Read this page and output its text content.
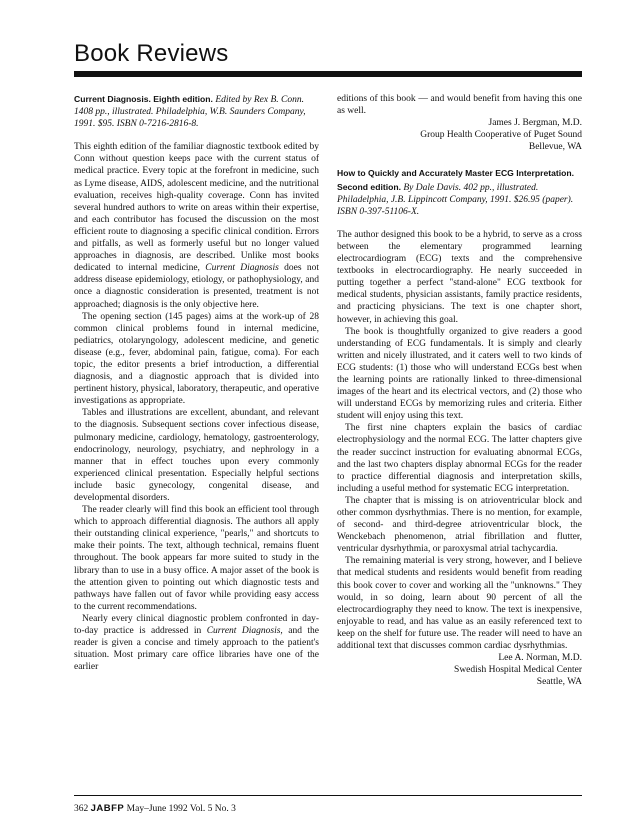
Book Reviews
Current Diagnosis. Eighth edition. Edited by Rex B. Conn. 1408 pp., illustrated. Philadelphia, W.B. Saunders Company, 1991. $95. ISBN 0-7216-2816-8.

This eighth edition of the familiar diagnostic textbook edited by Conn without question keeps pace with the current status of medical practice. Every topic at the forefront in medicine, such as Lyme disease, AIDS, adolescent medicine, and the nutritional evaluation, receives high-quality coverage. Conn has invited several hundred authors to write on areas within their expertise, and each contributor has focused the discussion on the most efficient route to diagnosing a specific clinical condition. Errors and pitfalls, as well as formerly useful but no longer valued approaches in diagnosis, are described. Unlike most books dedicated to internal medicine, Current Diagnosis does not address disease epidemiology, etiology, or pathophysiology, and once a diagnostic consideration is presented, treatment is not approached; diagnosis is the only objective here.

The opening section (145 pages) aims at the work-up of 28 common clinical problems found in internal medicine, pediatrics, otolaryngology, adolescent medicine, and genetic disease (e.g., fever, abdominal pain, fatigue, coma). For each topic, the editor presents a brief introduction, a differential diagnosis, and a diagnostic approach that is divided into pertinent history, physical, laboratory, therapeutic, and operative investigations as appropriate.

Tables and illustrations are excellent, abundant, and relevant to the diagnosis. Subsequent sections cover infectious disease, pulmonary medicine, cardiology, hematology, gastroenterology, endocrinology, neurology, psychiatry, and nephrology in a manner that in effect touches upon every commonly experienced clinical presentation. Especially helpful sections include basic gynecology, congenital disease, and developmental disorders.

The reader clearly will find this book an efficient tool through which to approach differential diagnosis. The authors all apply their outstanding clinical experience, "pearls," and shortcuts to make their points. The text, although technical, remains fluent throughout. The book appears far more suited to study in the library than to use in a busy office. A major asset of the book is the attention given to pointing out which diagnostic tests and pathways have fallen out of favor while providing easy access to the current recommendations.

Nearly every clinical diagnostic problem confronted in day-to-day practice is addressed in Current Diagnosis, and the reader is given a concise and timely approach to the patient's situation. Most primary care office libraries have one of the earlier

editions of this book — and would benefit from having this one as well.

James J. Bergman, M.D.

Group Health Cooperative of Puget Sound

Bellevue, WA

How to Quickly and Accurately Master ECG Interpretation. Second edition. By Dale Davis. 402 pp., illustrated. Philadelphia, J.B. Lippincott Company, 1991. $26.95 (paper). ISBN 0-397-51106-X.

The author designed this book to be a hybrid, to serve as a cross between the elementary programmed learning electrocardiogram (ECG) texts and the comprehensive textbooks in electrocardiography. He nearly succeeded in putting together a perfect "stand-alone" ECG textbook for medical students, physician assistants, family practice residents, and practicing physicians. The text is one chapter short, however, in achieving this goal.

The book is thoughtfully organized to give readers a good understanding of ECG fundamentals. It is simply and clearly written and nicely illustrated, and it caters well to two kinds of ECG students: (1) those who will understand ECGs best when the learning points are rationally linked to three-dimensional images of the heart and its electrical vectors, and (2) those who will understand ECGs by memorizing rules and criteria. Either student will enjoy using this text.

The first nine chapters explain the basics of cardiac electrophysiology and the normal ECG. The latter chapters give the reader succinct instruction for evaluating abnormal ECGs, and the last two chapters display abnormal ECGs for the reader to practice differential diagnosis and interpretation skills, including a useful method for systematic ECG interpretation.

The chapter that is missing is on atrioventricular block and other common dysrhythmias. There is no mention, for example, of second- and third-degree atrioventricular block, the Wenckebach phenomenon, atrial fibrillation and flutter, ventricular dysrhythmia, or paroxysmal atrial tachycardia.

The remaining material is very strong, however, and I believe that medical students and residents would benefit from reading this book cover to cover and working all the "unknowns." They would, in so doing, learn about 90 percent of all the electrocardiography they need to know. The text is inexpensive, enjoyable to read, and has value as an easily referenced text to keep on the shelf for future use. The reader will need to have an additional text that discusses common cardiac dysrhythmias.

Lee A. Norman, M.D.

Swedish Hospital Medical Center

Seattle, WA

362 JABFP May–June 1992 Vol. 5 No. 3
